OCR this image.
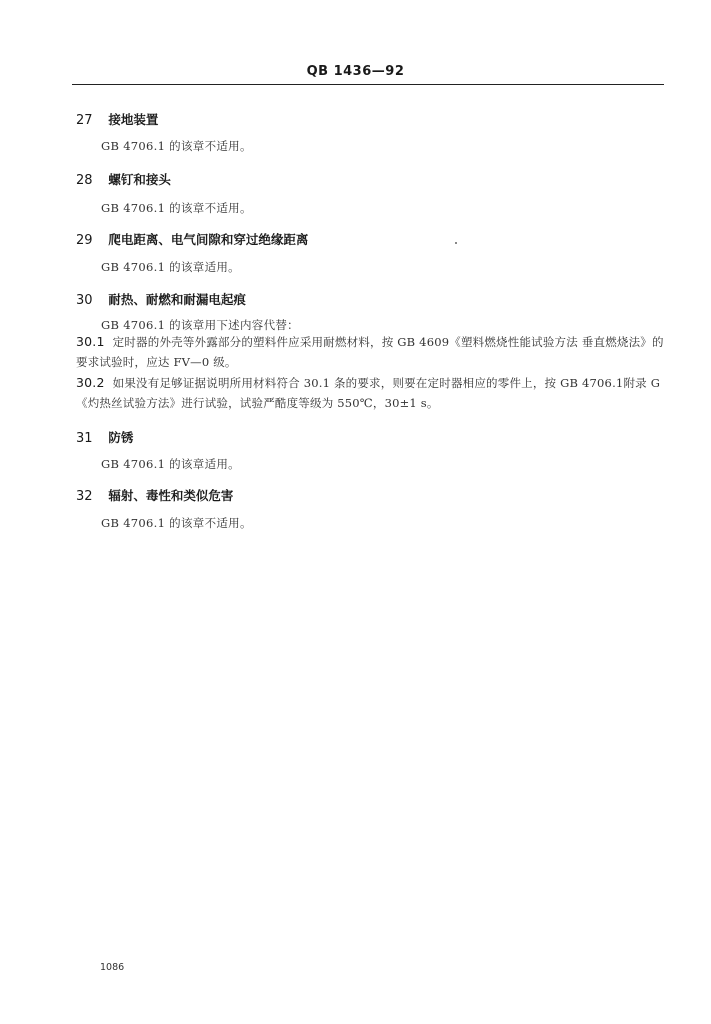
QB 1436—92
27 接地装置
GB 4706.1 的该章不适用。
28 螺钉和接头
GB 4706.1 的该章不适用。
29 爬电距离、电气间隙和穿过绝缘距离
GB 4706.1 的该章适用。
30 耐热、耐燃和耐漏电起痕
GB 4706.1 的该章用下述内容代替：
30.1 定时器的外壳等外露部分的塑料件应采用耐燃材料，按 GB 4609《塑料燃烧性能试验方法 垂直燃烧法》的要求试验时，应达 FV—0 级。
30.2 如果没有足够证据说明所用材料符合 30.1 条的要求，则要在定时器相应的零件上，按 GB 4706.1附录 G《灼热丝试验方法》进行试验，试验严酷度等级为 550℃，30±1 s。
31 防锈
GB 4706.1 的该章适用。
32 辐射、毒性和类似危害
GB 4706.1 的该章不适用。
1086
